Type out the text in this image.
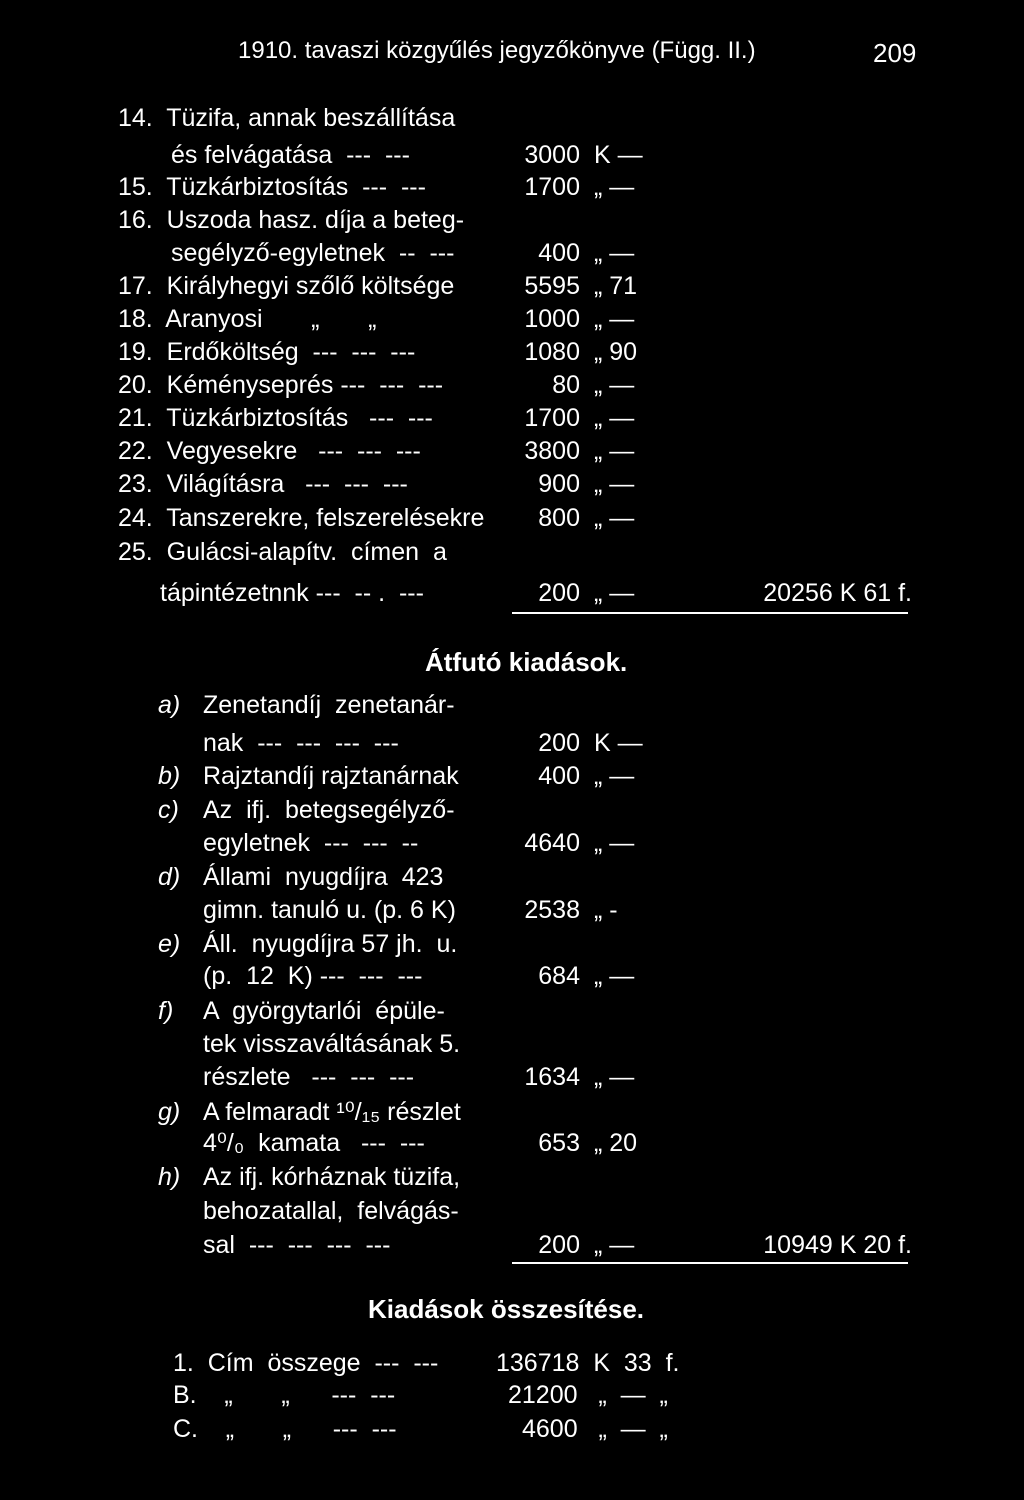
1910. tavaszi közgyűlés jegyzőkönyve (Függ. II.)	209
14.  Tüzifa, annak beszállítása
és felvágatása  ---  ---	3000 K —
15.  Tüzkárbiztosítás  ---  ---	1700 „ —
16.  Uszoda hasz. díja a beteg-
segélyző-egyletnek  --  ---	400 „ —
17.  Királyhegyi szőlő költsége	5595 „ 71
18.  Aranyosi       „       „	1000 „ —
19.  Erdőköltség  ---  ---  ---	1080 „ 90
20.  Kéményseprés ---  ---  ---	80 „ —
21.  Tüzkárbiztosítás   ---  ---	1700 „ —
22.  Vegyesekre   ---  ---  ---	3800 „ —
23.  Világításra   ---  ---  ---	900 „ —
24.  Tanszerekre, felszerelésekre	800 „ —
25.  Gulácsi-alapítv.  címen  a
tápintézetnnk ---  -- .  ---	200 „ —	20256 K 61 f.
Átfutó kiadások.
a) Zenetandíj  zenetanár-
nak  ---  ---  ---  ---	200 K —
b) Rajztandíj rajztanárnak	400 „ —
c) Az  ifj.  betegsegélyző-
egyletnek  ---  ---  --	4640 „ —
d) Állami  nyugdíjra  423
gimn. tanuló u. (p. 6 K)	2538 „ -
e) Áll.  nyugdíjra 57 jh.  u.
(p.  12  K) ---  ---  ---	684 „ —
f) A  györgytarlói  épüle-
tek visszaváltásának 5.
részlete   ---  ---  ---	1634 „ —
g) A felmaradt ¹⁰/₁₅ részlet
4⁰/₀  kamata   ---  ---	653 „ 20
h) Az ifj. kórháznak tüzifa,
behozatallal,  felvágás-
sal  ---  ---  ---  ---	200 „ —	10949 K 20 f.
Kiadások összesítése.
1.  Cím  összege  ---  --- 136718  K  33  f.
B.    „       „      ---  ---	21200   „  —  „
C.    „       „      ---  ---	4600   „  —  „
